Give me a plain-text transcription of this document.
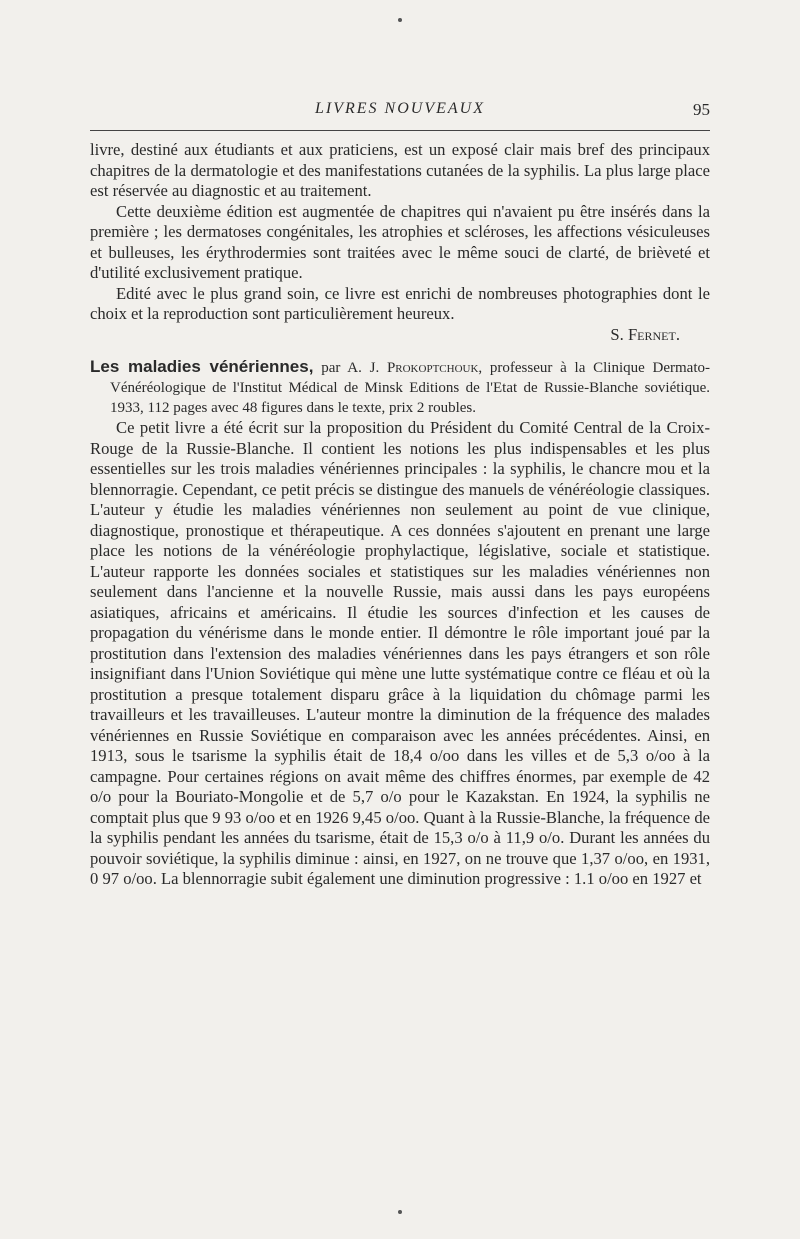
LIVRES NOUVEAUX	95

livre, destiné aux étudiants et aux praticiens, est un exposé clair mais bref des principaux chapitres de la dermatologie et des manifestations cutanées de la syphilis. La plus large place est réservée au diagnostic et au traitement.

Cette deuxième édition est augmentée de chapitres qui n'avaient pu être insérés dans la première ; les dermatoses congénitales, les atrophies et scléroses, les affections vésiculeuses et bulleuses, les érythrodermies sont traitées avec le même souci de clarté, de brièveté et d'utilité exclusivement pratique.

Edité avec le plus grand soin, ce livre est enrichi de nombreuses photographies dont le choix et la reproduction sont particulièrement heureux.
S. Fernet.

Les maladies vénériennes, par A. J. Prokoptchouk, professeur à la Clinique Dermato-Vénéréologique de l'Institut Médical de Minsk Editions de l'Etat de Russie-Blanche soviétique. 1933, 112 pages avec 48 figures dans le texte, prix 2 roubles.

Ce petit livre a été écrit sur la proposition du Président du Comité Central de la Croix-Rouge de la Russie-Blanche. Il contient les notions les plus indispensables et les plus essentielles sur les trois maladies vénériennes principales : la syphilis, le chancre mou et la blennorragie. Cependant, ce petit précis se distingue des manuels de vénéréologie classiques. L'auteur y étudie les maladies vénériennes non seulement au point de vue clinique, diagnostique, pronostique et thérapeutique. A ces données s'ajoutent en prenant une large place les notions de la vénéréologie prophylactique, législative, sociale et statistique. L'auteur rapporte les données sociales et statistiques sur les maladies vénériennes non seulement dans l'ancienne et la nouvelle Russie, mais aussi dans les pays européens asiatiques, africains et américains. Il étudie les sources d'infection et les causes de propagation du vénérisme dans le monde entier. Il démontre le rôle important joué par la prostitution dans l'extension des maladies vénériennes dans les pays étrangers et son rôle insignifiant dans l'Union Soviétique qui mène une lutte systématique contre ce fléau et où la prostitution a presque totalement disparu grâce à la liquidation du chômage parmi les travailleurs et les travailleuses. L'auteur montre la diminution de la fréquence des malades vénériennes en Russie Soviétique en comparaison avec les années précédentes. Ainsi, en 1913, sous le tsarisme la syphilis était de 18,4 o/oo dans les villes et de 5,3 o/oo à la campagne. Pour certaines régions on avait même des chiffres énormes, par exemple de 42 o/o pour la Bouriato-Mongolie et de 5,7 o/o pour le Kazakstan. En 1924, la syphilis ne comptait plus que 9 93 o/oo et en 1926 9,45 o/oo. Quant à la Russie-Blanche, la fréquence de la syphilis pendant les années du tsarisme, était de 15,3 o/o à 11,9 o/o. Durant les années du pouvoir soviétique, la syphilis diminue : ainsi, en 1927, on ne trouve que 1,37 o/oo, en 1931, 0 97 o/oo. La blennorragie subit également une diminution progressive : 1.1 o/oo en 1927 et
